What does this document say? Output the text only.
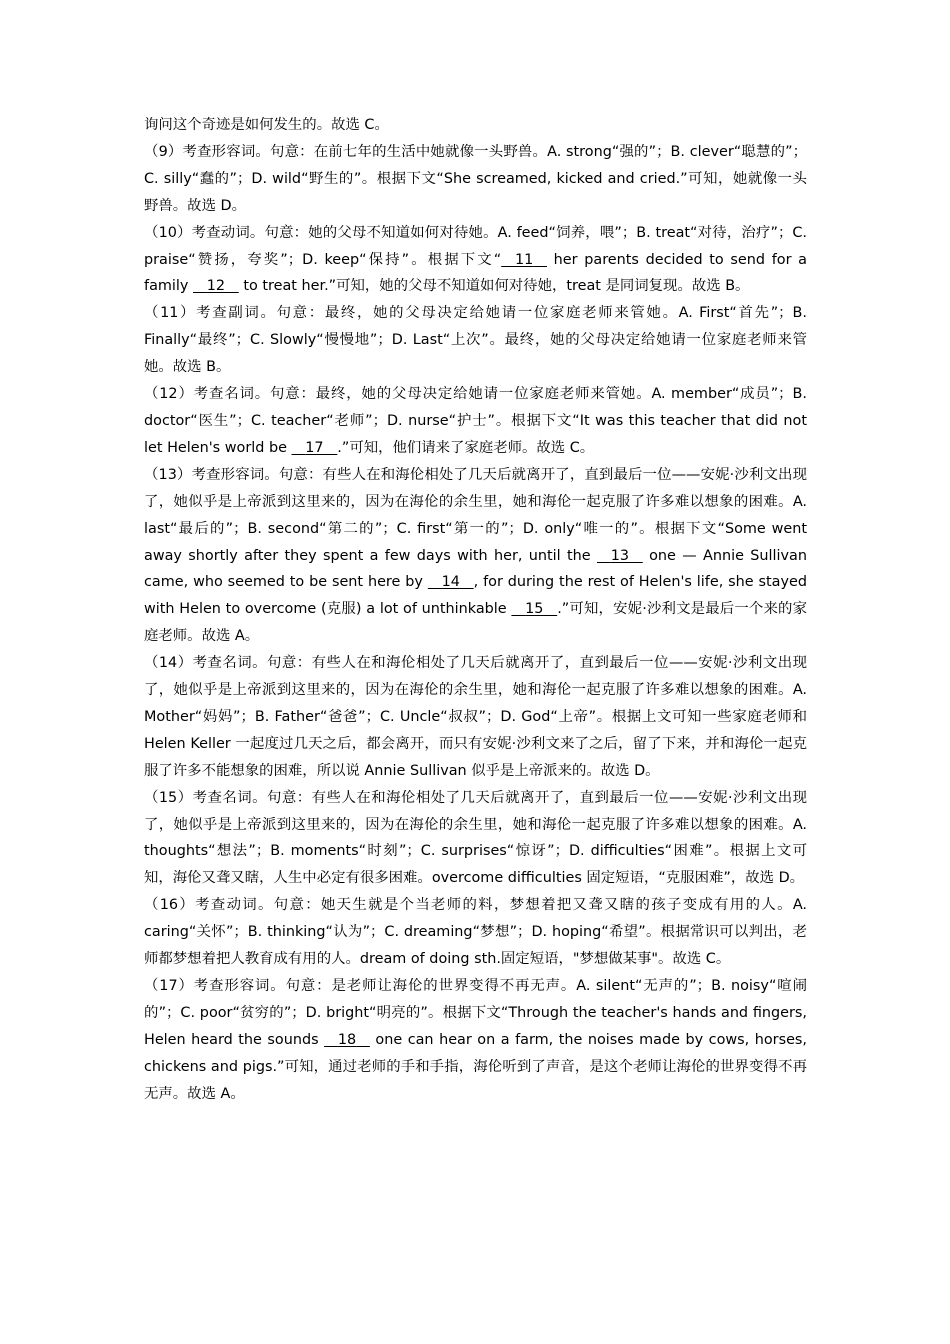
询问这个奇迹是如何发生的。故选 C。

（9）考查形容词。句意：在前七年的生活中她就像一头野兽。A. strong“强的”；B. clever“聪慧的”；C. silly“蠢的”；D. wild“野生的”。根据下文“She screamed, kicked and cried.”可知，她就像一头野兽。故选 D。

（10）考查动词。句意：她的父母不知道如何对待她。A. feed“饲养，喂”；B. treat“对待，治疗”；C. praise“赞扬，夸奖”；D. keep“保持”。根据下文“ 11    her parents decided to send for a family    12    to treat her.”可知，她的父母不知道如何对待她，treat 是同词复现。故选 B。

（11）考查副词。句意：最终，她的父母决定给她请一位家庭老师来管她。A. First“首先”；B. Finally“最终”；C. Slowly“慢慢地”；D. Last“上次”。最终，她的父母决定给她请一位家庭老师来管她。故选 B。

（12）考查名词。句意：最终，她的父母决定给她请一位家庭老师来管她。A. member“成员”；B. doctor“医生”；C. teacher“老师”；D. nurse“护士”。根据下文“It was this teacher that did not let Helen's world be    17 .”可知，他们请来了家庭老师。故选 C。

（13）考查形容词。句意：有些人在和海伦相处了几天后就离开了，直到最后一位——安妮·沙利文出现了，她似乎是上帝派到这里来的，因为在海伦的余生里，她和海伦一起克服了许多难以想象的困难。A. last“最后的”；B. second“第二的”；C. first“第一的”；D. only“唯一的”。根据下文“Some went away shortly after they spent a few days with her, until the    13    one — Annie Sullivan came, who seemed to be sent here by    14 , for during the rest of Helen's life, she stayed with Helen to overcome (克服) a lot of unthinkable    15 .”可知，安妮·沙利文是最后一个来的家庭老师。故选 A。

（14）考查名词。句意：有些人在和海伦相处了几天后就离开了，直到最后一位——安妮·沙利文出现了，她似乎是上帝派到这里来的，因为在海伦的余生里，她和海伦一起克服了许多难以想象的困难。A. Mother“妈妈”；B. Father“爸爸”；C. Uncle“叔叔”；D. God“上帝”。根据上文可知一些家庭老师和 Helen Keller 一起度过几天之后，都会离开，而只有安妮·沙利文来了之后，留了下来，并和海伦一起克服了许多不能想象的困难，所以说 Annie Sullivan 似乎是上帝派来的。故选 D。

（15）考查名词。句意：有些人在和海伦相处了几天后就离开了，直到最后一位——安妮·沙利文出现了，她似乎是上帝派到这里来的，因为在海伦的余生里，她和海伦一起克服了许多难以想象的困难。A. thoughts“想法”；B. moments“时刻”；C. surprises“惊讶”；D. difficulties“困难”。根据上文可知，海伦又聋又瞎，人生中必定有很多困难。overcome difficulties 固定短语，“克服困难”，故选 D。

（16）考查动词。句意：她天生就是个当老师的料，梦想着把又聋又瞎的孩子变成有用的人。A. caring“关怀”；B. thinking“认为”；C. dreaming“梦想”；D. hoping“希望”。根据常识可以判出，老师都梦想着把人教育成有用的人。dream of doing sth.固定短语，"梦想做某事"。故选 C。

（17）考查形容词。句意：是老师让海伦的世界变得不再无声。A. silent“无声的”；B. noisy“喧闹的”；C. poor“贫穷的”；D. bright“明亮的”。根据下文“Through the teacher's hands and fingers, Helen heard the sounds    18    one can hear on a farm, the noises made by cows, horses, chickens and pigs.”可知，通过老师的手和手指，海伦听到了声音，是这个老师让海伦的世界变得不再无声。故选 A。
